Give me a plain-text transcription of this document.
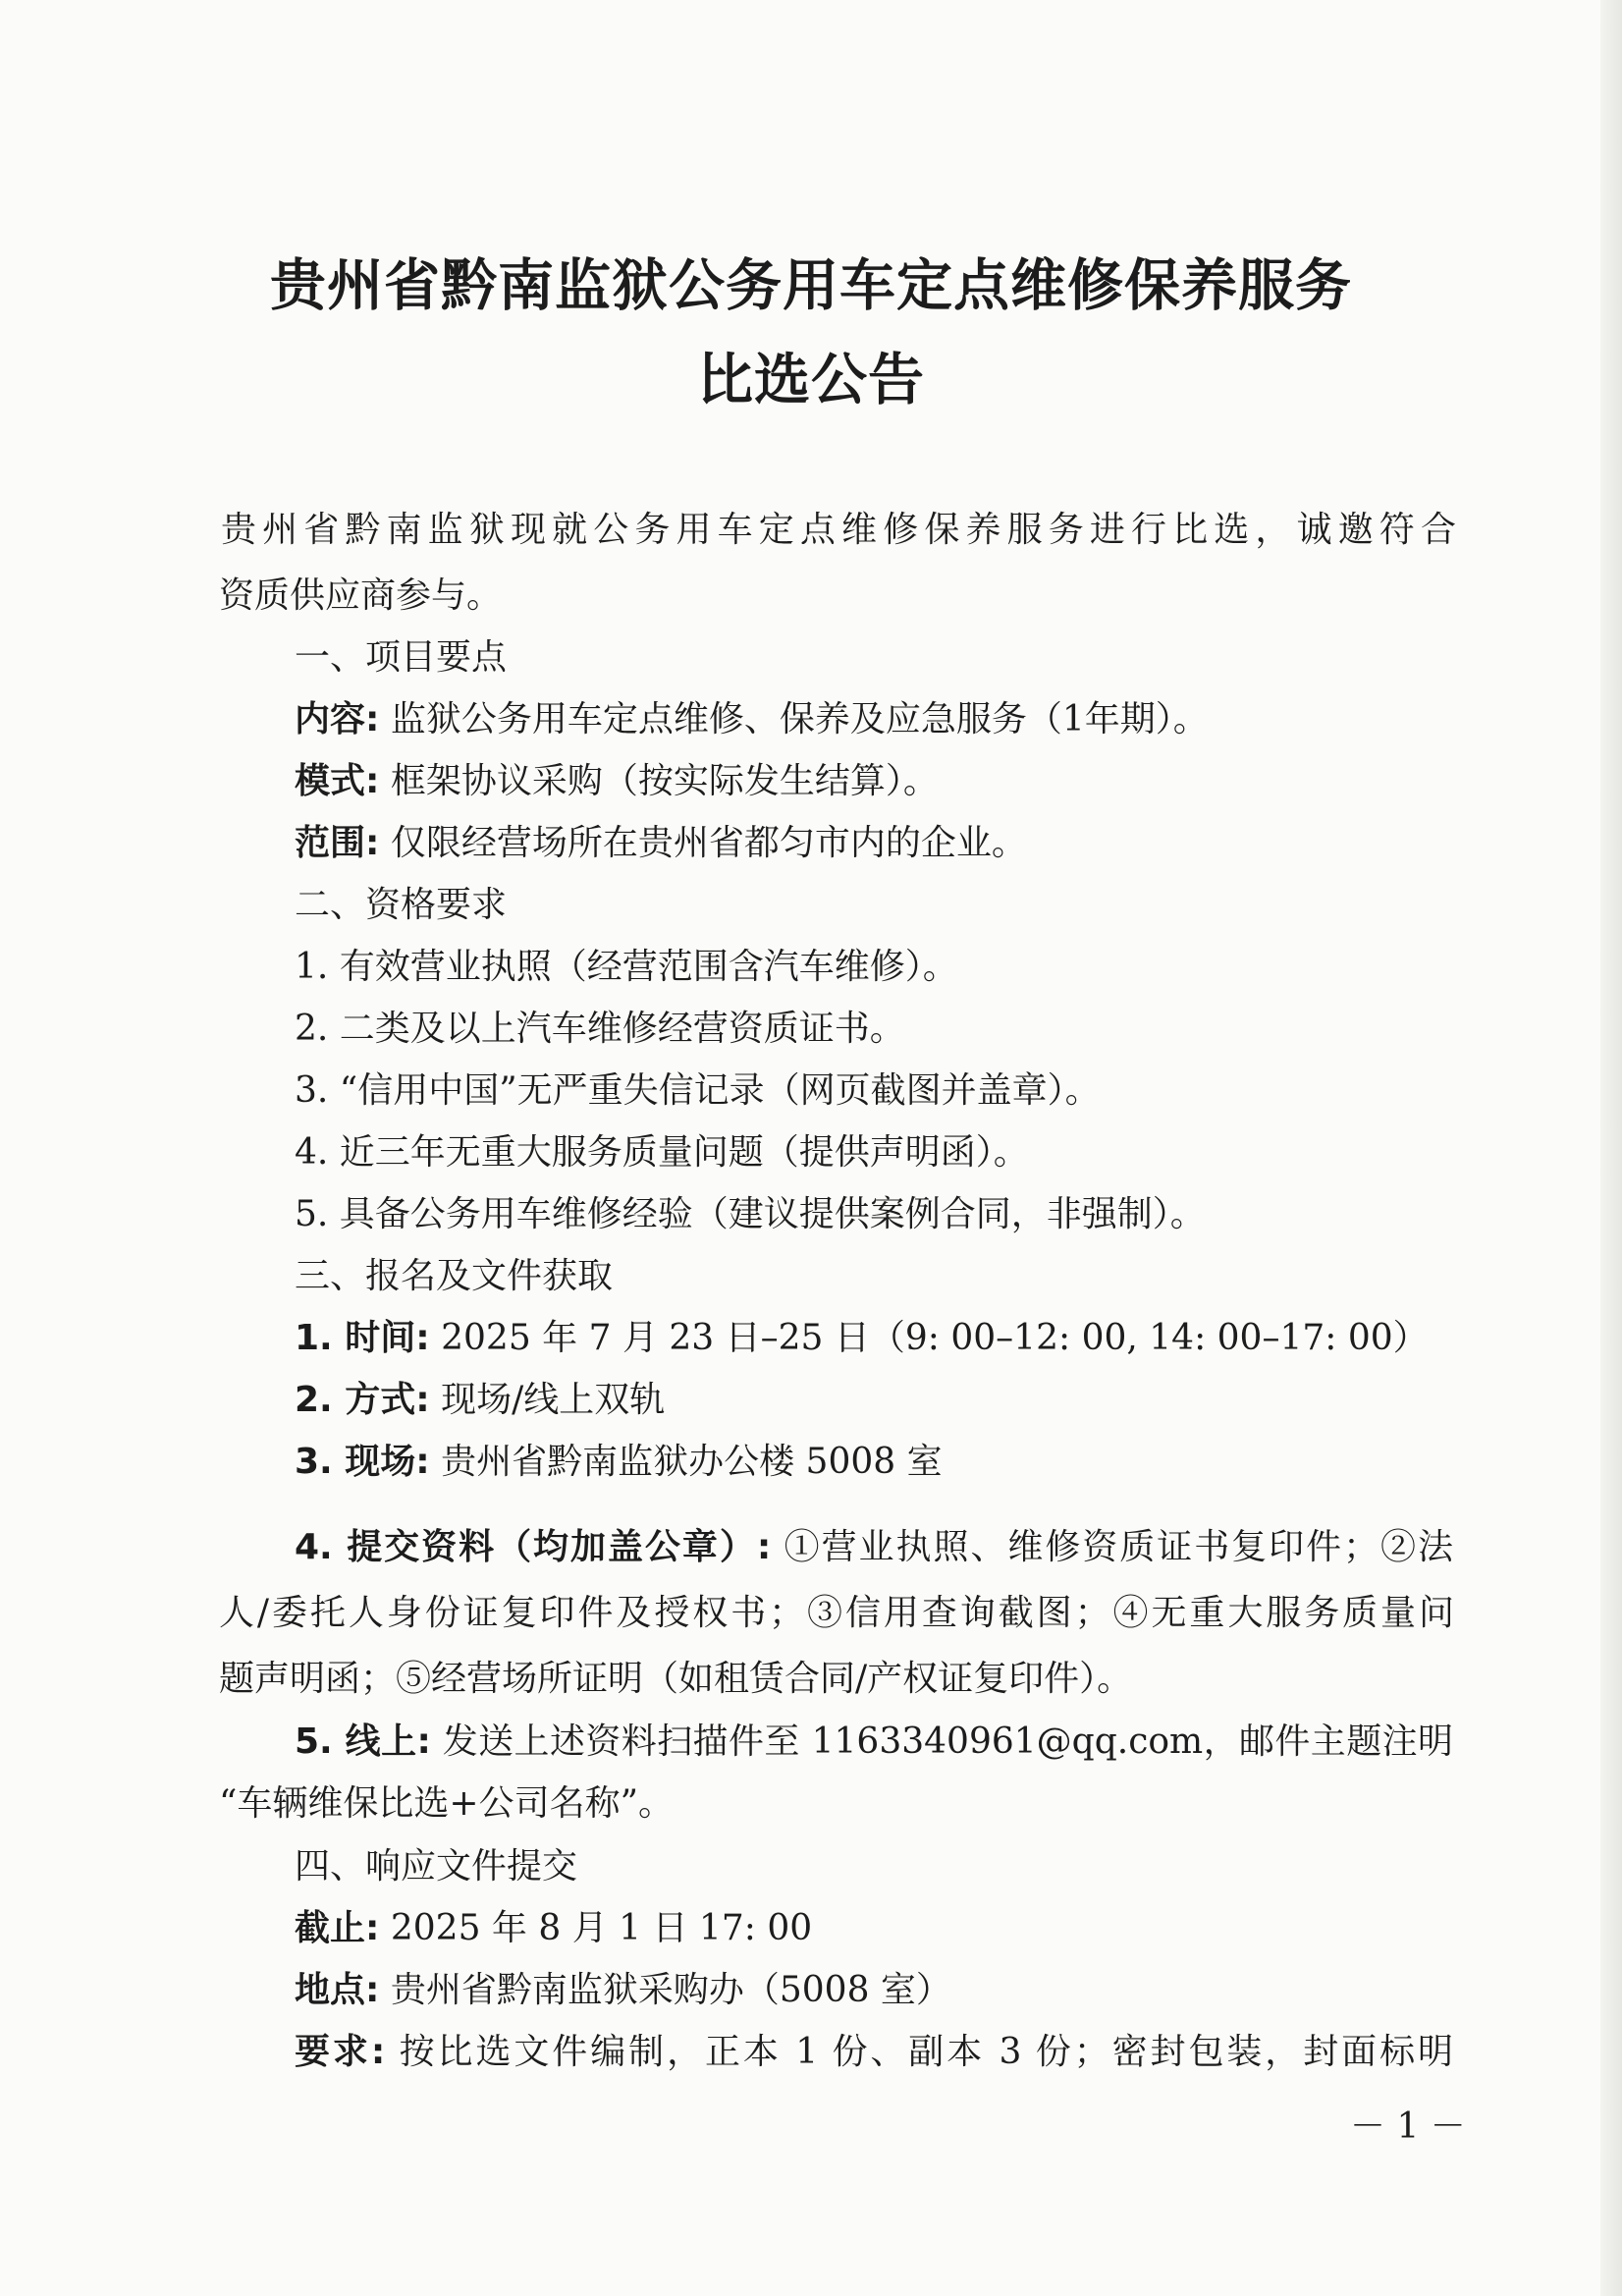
贵州省黔南监狱公务用车定点维修保养服务
比选公告

贵州省黔南监狱现就公务用车定点维修保养服务进行比选，诚邀符合

资质供应商参与。

一、项目要点

内容: 监狱公务用车定点维修、保养及应急服务（1年期）。

模式: 框架协议采购（按实际发生结算）。

范围: 仅限经营场所在贵州省都匀市内的企业。

二、资格要求

1. 有效营业执照（经营范围含汽车维修）。

2. 二类及以上汽车维修经营资质证书。

3. “信用中国”无严重失信记录（网页截图并盖章）。

4. 近三年无重大服务质量问题（提供声明函）。

5. 具备公务用车维修经验（建议提供案例合同，非强制）。

三、报名及文件获取

1. 时间: 2025 年 7 月 23 日–25 日（9: 00–12: 00, 14: 00–17: 00）

2. 方式: 现场/线上双轨

3. 现场: 贵州省黔南监狱办公楼 5008 室

4. 提交资料（均加盖公章）: ①营业执照、维修资质证书复印件；②法

人/委托人身份证复印件及授权书；③信用查询截图；④无重大服务质量问

题声明函；⑤经营场所证明（如租赁合同/产权证复印件）。

5. 线上: 发送上述资料扫描件至 1163340961@qq.com，邮件主题注明

“车辆维保比选+公司名称”。

四、响应文件提交

截止: 2025 年 8 月 1 日 17: 00

地点: 贵州省黔南监狱采购办（5008 室）

要求: 按比选文件编制，正本 1 份、副本 3 份；密封包装，封面标明

－ 1 －
